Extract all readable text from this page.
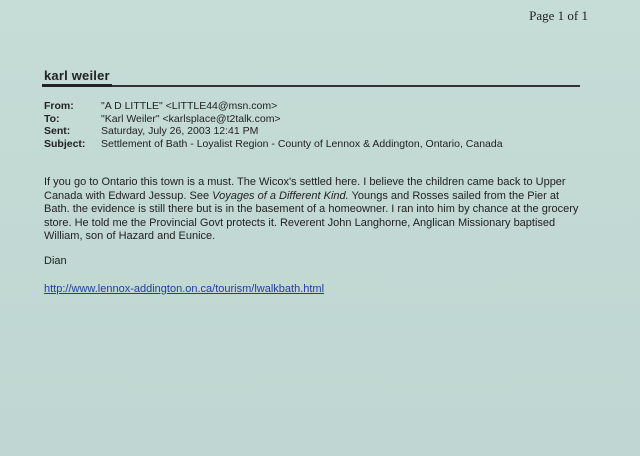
Page 1 of 1
karl weiler
From:	"A D LITTLE" <LITTLE44@msn.com>
To:	"Karl Weiler" <karlsplace@t2talk.com>
Sent:	Saturday, July 26, 2003 12:41 PM
Subject:	Settlement of Bath - Loyalist Region - County of Lennox & Addington, Ontario, Canada

If you go to Ontario this town is a must. The Wicox's settled here. I believe the children came back to Upper Canada with Edward Jessup. See Voyages of a Different Kind. Youngs and Rosses sailed from the Pier at Bath. the evidence is still there but is in the basement of a homeowner. I ran into him by chance at the grocery store. He told me the Provincial Govt protects it. Reverent John Langhorne, Anglican Missionary baptised William, son of Hazard and Eunice.

Dian
http://www.lennox-addington.on.ca/tourism/lwalkbath.html
